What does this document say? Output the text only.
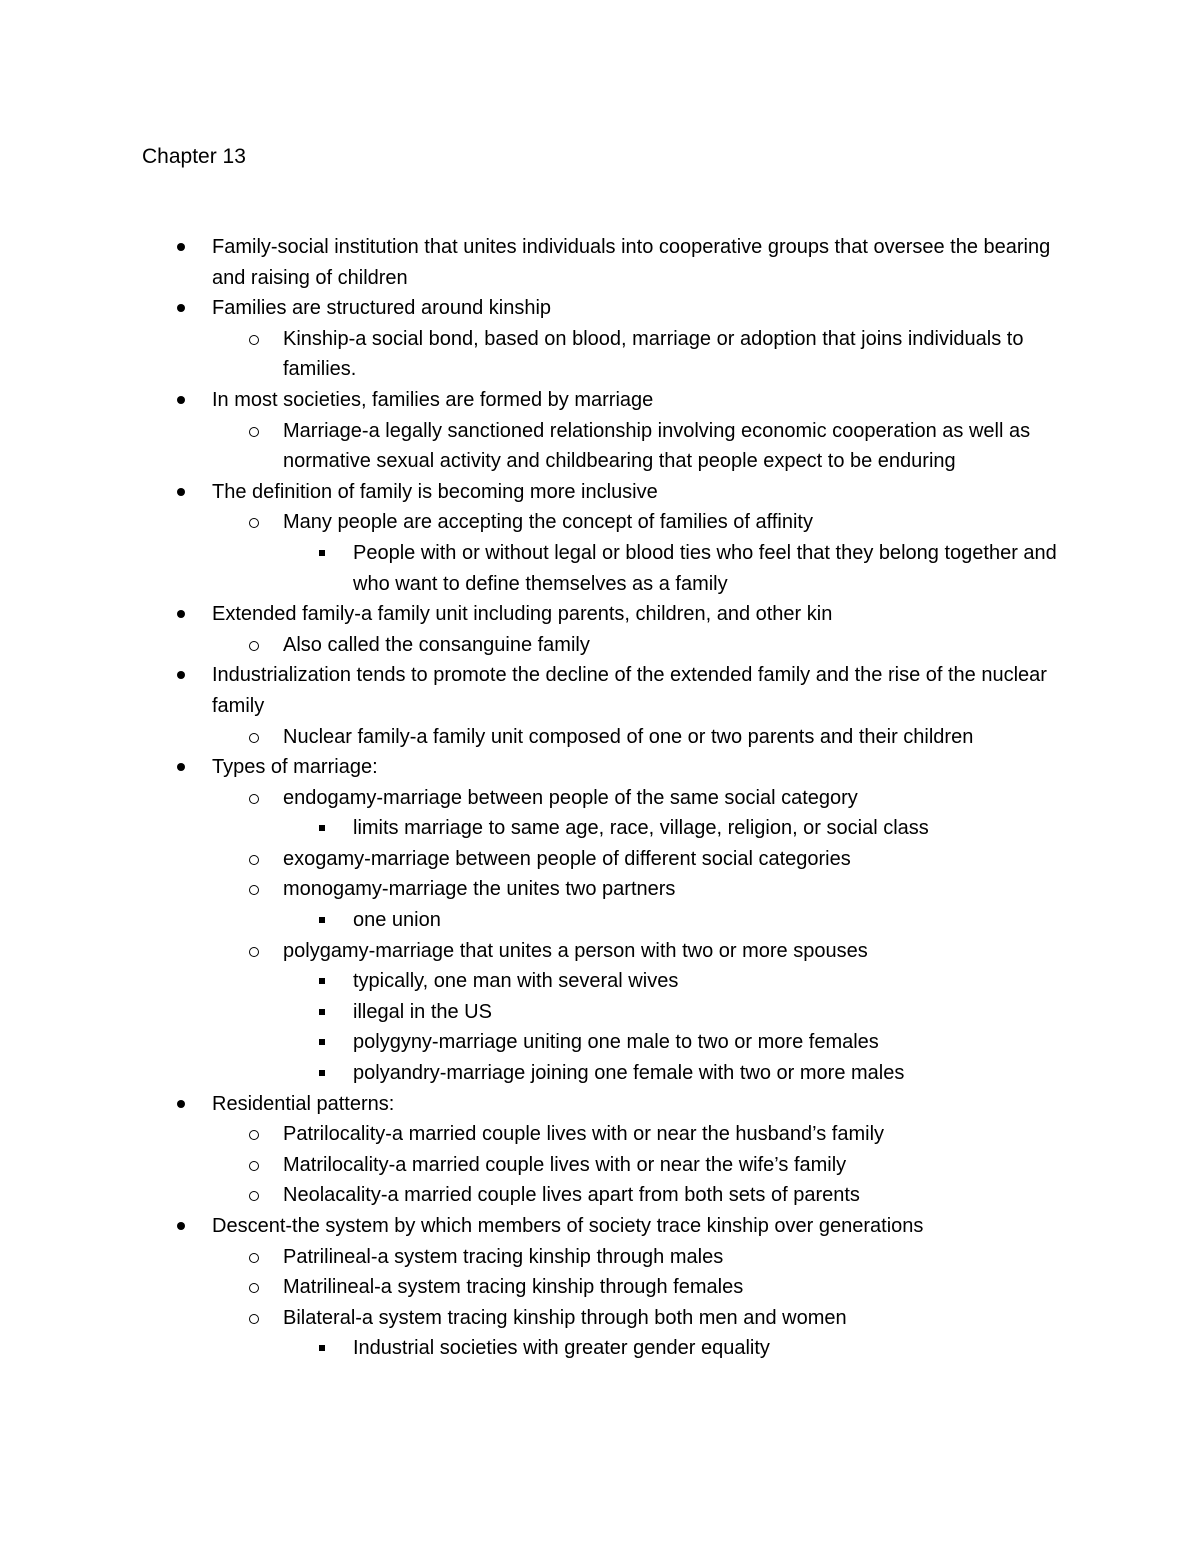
Chapter 13
Family-social institution that unites individuals into cooperative groups that oversee the bearing and raising of children
Families are structured around kinship
Kinship-a social bond, based on blood, marriage or adoption that joins individuals to families.
In most societies, families are formed by marriage
Marriage-a legally sanctioned relationship involving economic cooperation as well as normative sexual activity and childbearing that people expect to be enduring
The definition of family is becoming more inclusive
Many people are accepting the concept of families of affinity
People with or without legal or blood ties who feel that they belong together and who want to define themselves as a family
Extended family-a family unit including parents, children, and other kin
Also called the consanguine family
Industrialization tends to promote the decline of the extended family and the rise of the nuclear family
Nuclear family-a family unit composed of one or two parents and their children
Types of marriage:
endogamy-marriage between people of the same social category
limits marriage to same age, race, village, religion, or social class
exogamy-marriage between people of different social categories
monogamy-marriage the unites two partners
one union
polygamy-marriage that unites a person with two or more spouses
typically, one man with several wives
illegal in the US
polygyny-marriage uniting one male to two or more females
polyandry-marriage joining one female with two or more males
Residential patterns:
Patrilocality-a married couple lives with or near the husband’s family
Matrilocality-a married couple lives with or near the wife’s family
Neolacality-a married couple lives apart from both sets of parents
Descent-the system by which members of society trace kinship over generations
Patrilineal-a system tracing kinship through males
Matrilineal-a system tracing kinship through females
Bilateral-a system tracing kinship through both men and women
Industrial societies with greater gender equality
